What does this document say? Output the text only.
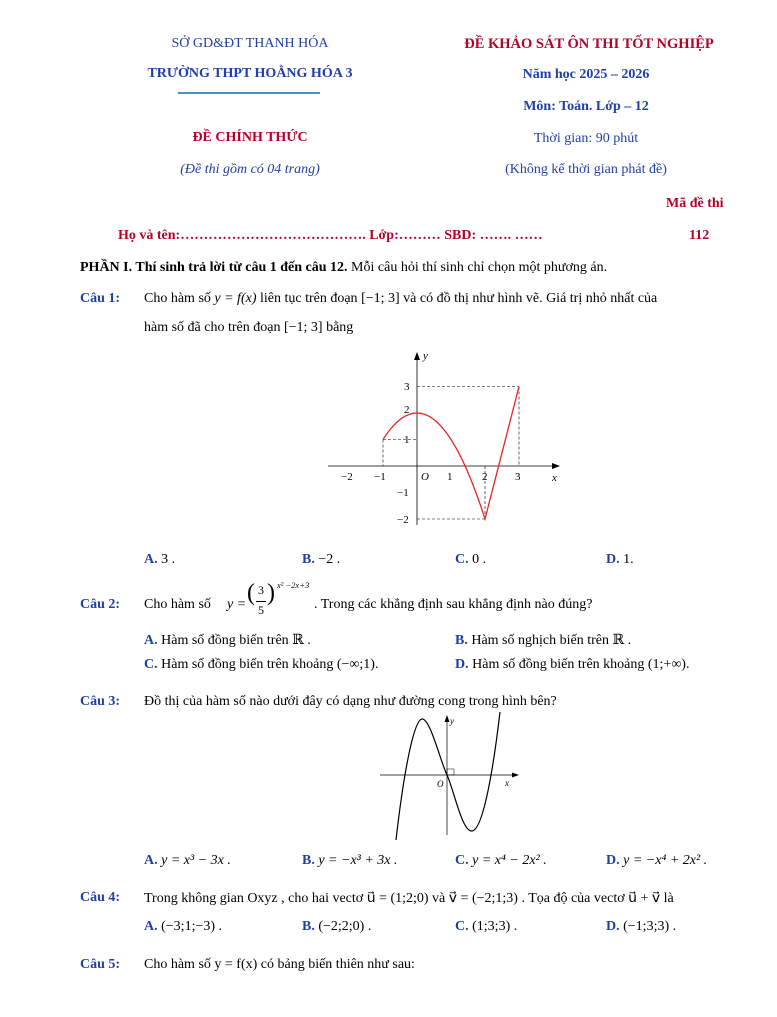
SỞ GD&ĐT THANH HÓA
TRƯỜNG THPT HOẰNG HÓA 3
ĐỀ KHẢO SÁT ÔN THI TỐT NGHIỆP
Năm học 2025 – 2026
Môn: Toán. Lớp – 12
ĐỀ CHÍNH THỨC	Thời gian: 90 phút
(Đề thi gồm có 04 trang)	(Không kể thời gian phát đề)
Mã đề thi
Họ và tên:…………………………………. Lớp:……… SBD: ……. ……	112
PHẦN I. Thí sinh trả lời từ câu 1 đến câu 12. Mỗi câu hỏi thí sinh chỉ chọn một phương án.
Câu 1: Cho hàm số y = f(x) liên tục trên đoạn [−1; 3] và có đồ thị như hình vẽ. Giá trị nhỏ nhất của
hàm số đã cho trên đoạn [−1; 3] bằng
−2 −1	1	2	3
3
2
1
−1
−2
O	x
y
A. 3 .	B. −2 .	C. 0 .	D. 1.
Câu 2: Cho hàm số y = ( 3
5
) x² −2x+3
. Trong các khẳng định sau khẳng định nào đúng?
A. Hàm số đồng biến trên ℝ .	B. Hàm số nghịch biến trên ℝ .
C. Hàm số đồng biến trên khoảng (−∞;1).	D. Hàm số đồng biến trên khoảng (1;+∞).
Câu 3: Đồ thị của hàm số nào dưới đây có dạng như đường cong trong hình bên?
O	x
y
A. y = x³ − 3x .	B. y = −x³ + 3x .	C. y = x⁴ − 2x² .	D. y = −x⁴ + 2x² .
Câu 4: Trong không gian Oxyz , cho hai vectơ u⃗ = (1;2;0) và v⃗ = (−2;1;3) . Tọa độ của vectơ u⃗ + v⃗ là
A. (−3;1;−3) .	B. (−2;2;0) .	C. (1;3;3) .	D. (−1;3;3) .
Câu 5: Cho hàm số y = f(x) có bảng biến thiên như sau:
